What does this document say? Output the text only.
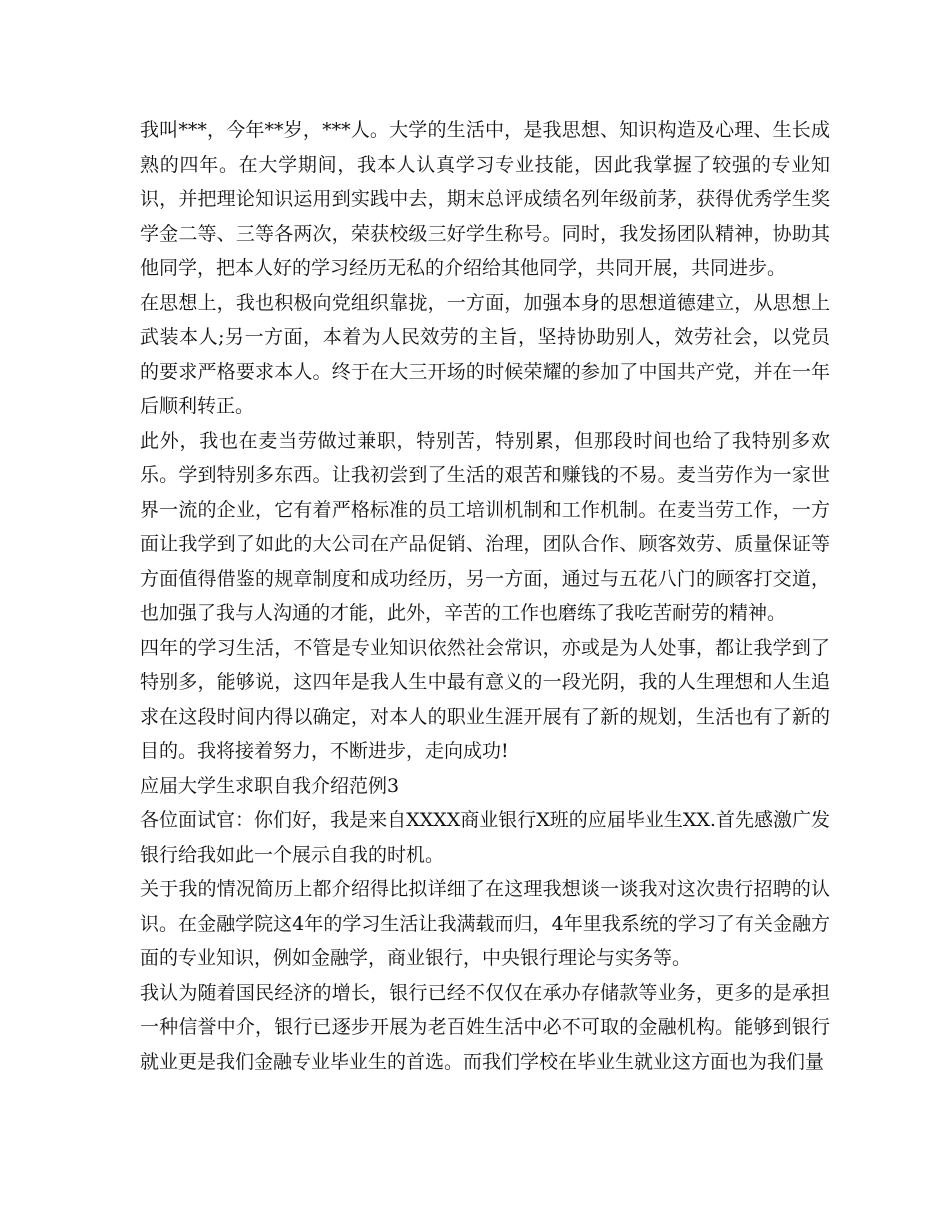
我叫***，今年**岁，***人。大学的生活中，是我思想、知识构造及心理、生长成熟的四年。在大学期间，我本人认真学习专业技能，因此我掌握了较强的专业知识，并把理论知识运用到实践中去，期末总评成绩名列年级前茅，获得优秀学生奖学金二等、三等各两次，荣获校级三好学生称号。同时，我发扬团队精神，协助其他同学，把本人好的学习经历无私的介绍给其他同学，共同开展，共同进步。

在思想上，我也积极向党组织靠拢，一方面，加强本身的思想道德建立，从思想上武装本人;另一方面，本着为人民效劳的主旨，坚持协助别人，效劳社会，以党员的要求严格要求本人。终于在大三开场的时候荣耀的参加了中国共产党，并在一年后顺利转正。

此外，我也在麦当劳做过兼职，特别苦，特别累，但那段时间也给了我特别多欢乐。学到特别多东西。让我初尝到了生活的艰苦和赚钱的不易。麦当劳作为一家世界一流的企业，它有着严格标准的员工培训机制和工作机制。在麦当劳工作，一方面让我学到了如此的大公司在产品促销、治理，团队合作、顾客效劳、质量保证等方面值得借鉴的规章制度和成功经历，另一方面，通过与五花八门的顾客打交道，也加强了我与人沟通的才能，此外，辛苦的工作也磨练了我吃苦耐劳的精神。

四年的学习生活，不管是专业知识依然社会常识，亦或是为人处事，都让我学到了特别多，能够说，这四年是我人生中最有意义的一段光阴，我的人生理想和人生追求在这段时间内得以确定，对本人的职业生涯开展有了新的规划，生活也有了新的目的。我将接着努力，不断进步，走向成功!

应届大学生求职自我介绍范例3

各位面试官：你们好，我是来自XXXX商业银行X班的应届毕业生XX.首先感激广发银行给我如此一个展示自我的时机。

关于我的情况简历上都介绍得比拟详细了在这理我想谈一谈我对这次贵行招聘的认识。在金融学院这4年的学习生活让我满载而归，4年里我系统的学习了有关金融方面的专业知识，例如金融学，商业银行，中央银行理论与实务等。

我认为随着国民经济的增长，银行已经不仅仅在承办存储款等业务，更多的是承担一种信誉中介，银行已逐步开展为老百姓生活中必不可取的金融机构。能够到银行就业更是我们金融专业毕业生的首选。而我们学校在毕业生就业这方面也为我们量
